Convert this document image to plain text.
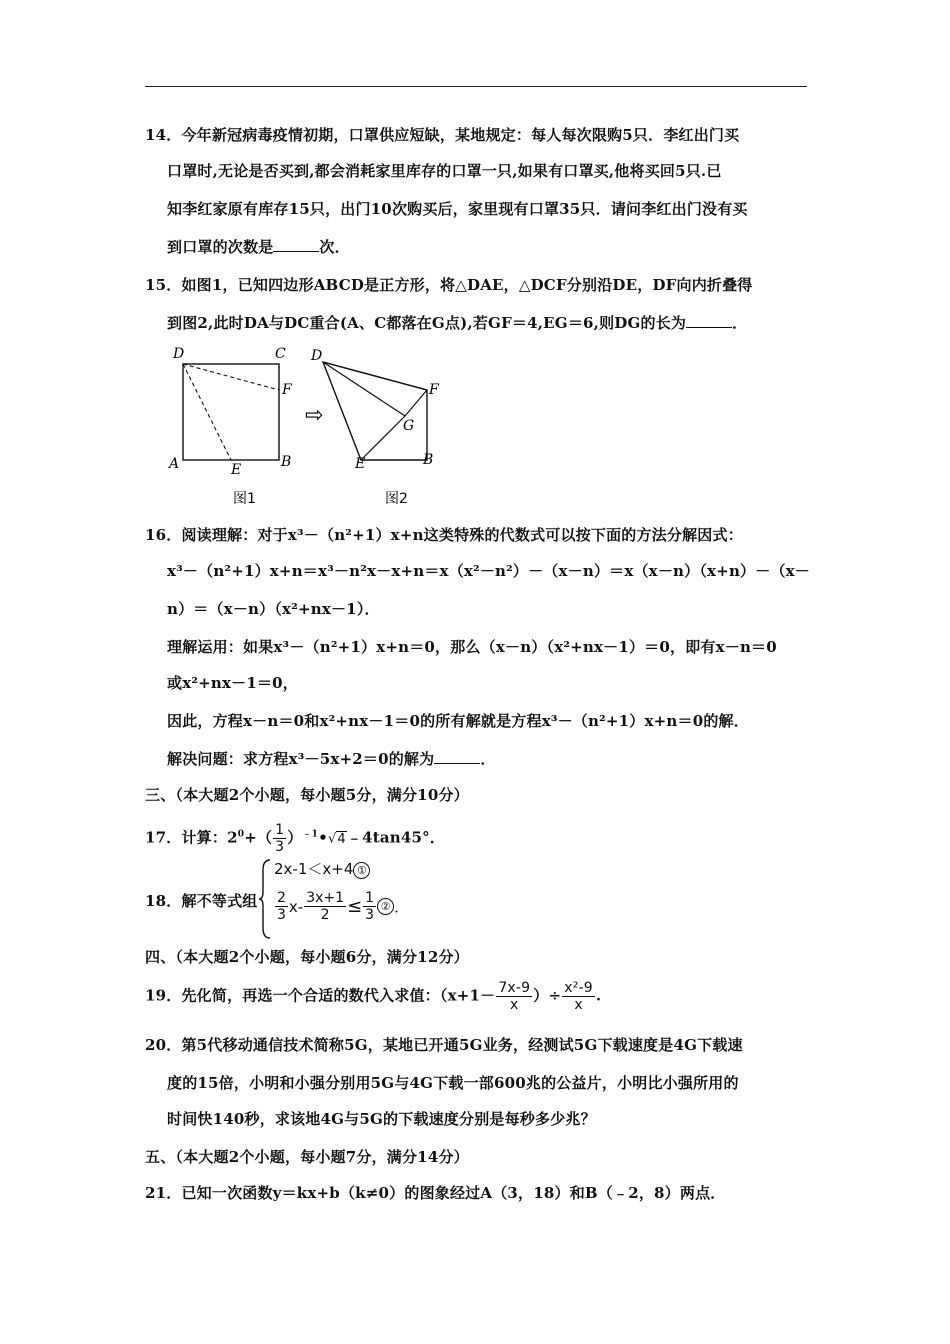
14．今年新冠病毒疫情初期，口罩供应短缺，某地规定：每人每次限购5只．李红出门买
口罩时,无论是否买到,都会消耗家里库存的口罩一只,如果有口罩买,他将买回5只.已
知李红家原有库存15只，出门10次购买后，家里现有口罩35只．请问李红出门没有买
到口罩的次数是	次．
15．如图1，已知四边形ABCD是正方形，将△DAE，△DCF分别沿DE，DF向内折叠得
到图2,此时DA与DC重合(A、C都落在G点),若GF＝4,EG＝6,则DG的长为	．
D	C
F
A	E	B
图2
图1
⇨
D
F
G
E	B
16．阅读理解：对于x³－（n²+1）x+n这类特殊的代数式可以按下面的方法分解因式：
x³－（n²+1）x+n＝x³－n²x－x+n＝x（x²－n²）－（x－n）＝x（x－n）（x+n）－（x－
n）＝（x－n）（x²+nx－1）．
理解运用：如果x³－（n²+1）x+n＝0，那么（x－n）（x²+nx－1）＝0，即有x－n＝0
或x²+nx－1＝0，
因此，方程x－n＝0和x²+nx－1＝0的所有解就是方程x³－（n²+1）x+n＝0的解．
解决问题：求方程x³－5x+2＝0的解为	．
三、（本大题2个小题，每小题5分，满分10分）
17．计算：$2^0+( \frac{1}{3}$ ）$^{﹣1}•√4﹣4\tan 45^\circ$．
18．解不等式组
2x-1＜x+4 ①
$\frac{2}{3} x- \frac{3x+1}{2} \le \frac{1}{3}$ ② ．
四、（本大题2个小题，每小题6分，满分12分）
19．先化简，再选一个合适的数代入求值：（$x+1- \frac{7x-9}{x}$ ）÷ $\frac{\text{x²-9}}{x}$ .
20．第5代移动通信技术简称5G，某地已开通5G业务，经测试5G下载速度是4G下载速
度的15倍，小明和小强分别用5G与4G下载一部600兆的公益片，小明比小强所用的
时间快140秒，求该地4G与5G的下载速度分别是每秒多少兆？
五、（本大题2个小题，每小题7分，满分14分）
21．已知一次函数y＝kx+b（k≠0）的图象经过A（3，18）和B（﹣2，8）两点．
